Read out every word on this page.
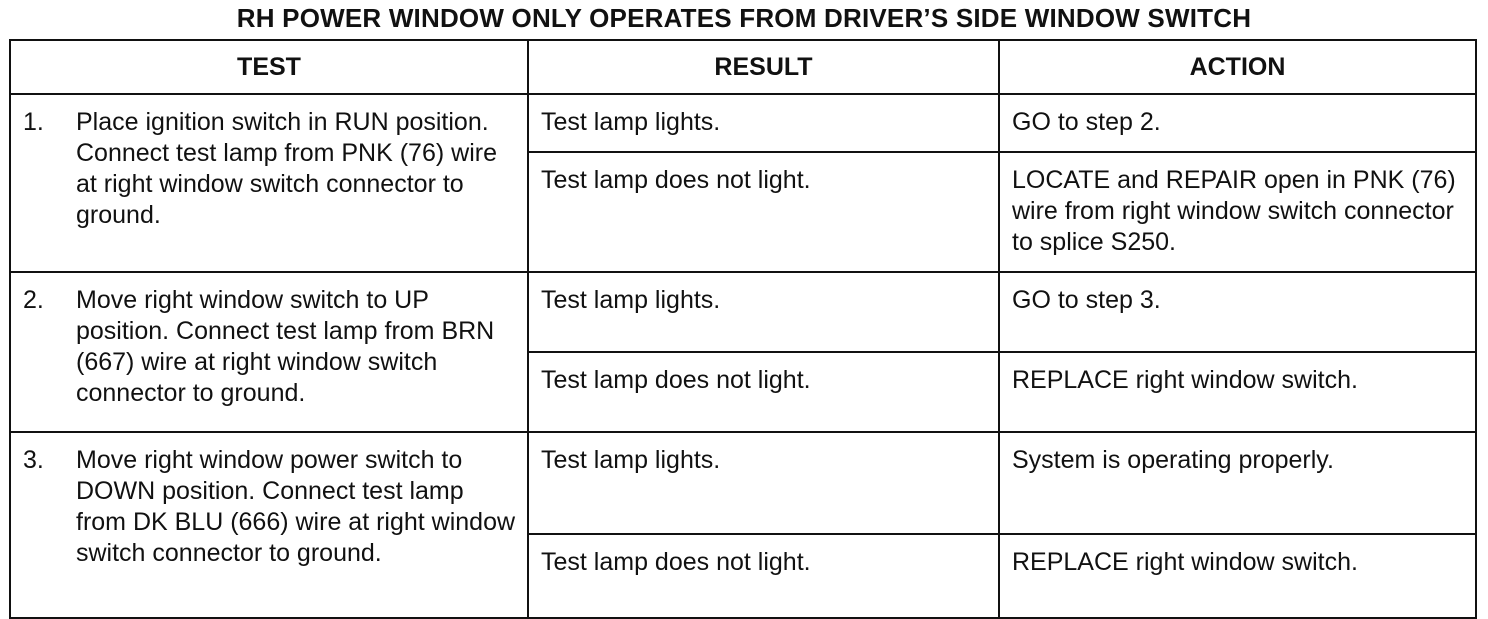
RH POWER WINDOW ONLY OPERATES FROM DRIVER’S SIDE WINDOW SWITCH
TEST	RESULT	ACTION

1. Place ignition switch in RUN position. Connect test lamp from PNK (76) wire at right window switch connector to ground.	Test lamp lights.	GO to step 2.
	Test lamp does not light.	LOCATE and REPAIR open in PNK (76) wire from right window switch connector to splice S250.

2. Move right window switch to UP position. Connect test lamp from BRN (667) wire at right window switch connector to ground.	Test lamp lights.	GO to step 3.
	Test lamp does not light.	REPLACE right window switch.

3. Move right window power switch to DOWN position. Connect test lamp from DK BLU (666) wire at right window switch connector to ground.	Test lamp lights.	System is operating properly.
	Test lamp does not light.	REPLACE right window switch.
